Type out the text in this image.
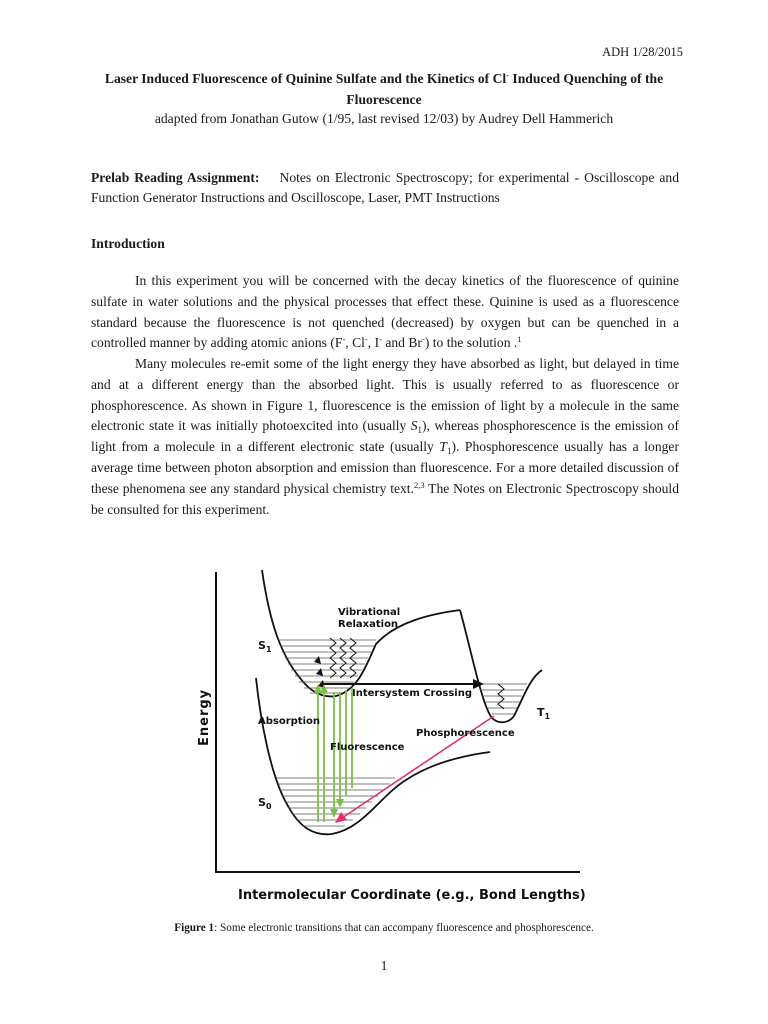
ADH 1/28/2015
Laser Induced Fluorescence of Quinine Sulfate and the Kinetics of Cl- Induced Quenching of the Fluorescence
adapted from Jonathan Gutow (1/95, last revised 12/03) by Audrey Dell Hammerich
Prelab Reading Assignment: Notes on Electronic Spectroscopy; for experimental - Oscilloscope and Function Generator Instructions and Oscilloscope, Laser, PMT Instructions
Introduction

In this experiment you will be concerned with the decay kinetics of the fluorescence of quinine sulfate in water solutions and the physical processes that effect these. Quinine is used as a fluorescence standard because the fluorescence is not quenched (decreased) by oxygen but can be quenched in a controlled manner by adding atomic anions (F-, Cl-, I- and Br-) to the solution .$^1$

Many molecules re-emit some of the light energy they have absorbed as light, but delayed in time and at a different energy than the absorbed light. This is usually referred to as fluorescence or phosphorescence. As shown in Figure 1, fluorescence is the emission of light by a molecule in the same electronic state it was initially photoexcited into (usually $S_1$), whereas phosphorescence is the emission of light from a molecule in a different electronic state (usually $T_1$). Phosphorescence usually has a longer average time between photon absorption and emission than fluorescence. For a more detailed discussion of these phenomena see any standard physical chemistry text.$^{2,3}$ The Notes on Electronic Spectroscopy should be consulted for this experiment.

Energy
Intermolecular Coordinate (e.g., Bond Lengths)
Vibrational
Relaxation
$S_1$
$T_1$
Intersystem Crossing
$S_0$
Absorption
Fluorescence
Phosphorescence
Figure 1: Some electronic transitions that can accompany fluorescence and phosphorescence.
1
